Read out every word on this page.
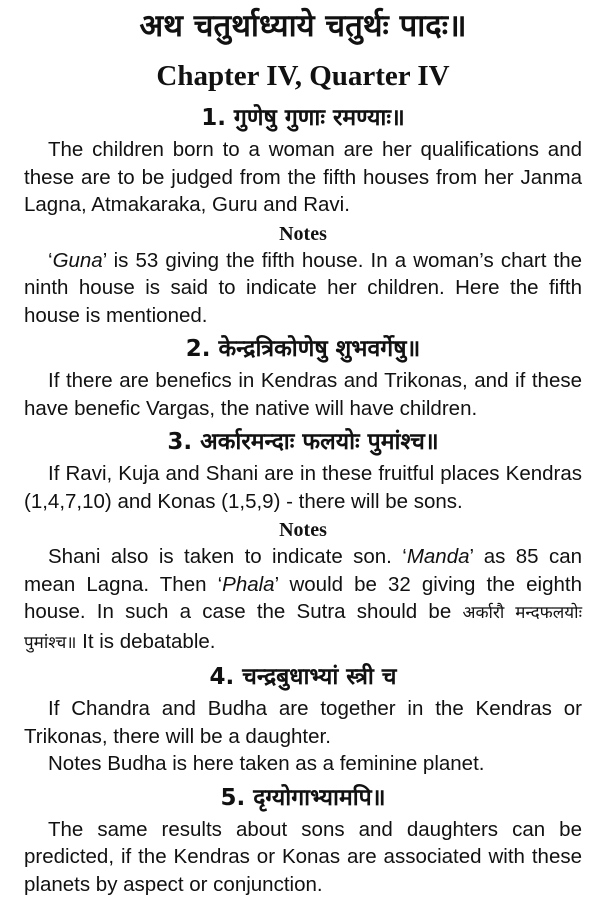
अथ चतुर्थाध्याये चतुर्थः पादः॥
Chapter IV, Quarter IV
1. गुणेषु गुणाः रमण्याः॥

The children born to a woman are her qualifications and these are to be judged from the fifth houses from her Janma Lagna, Atmakaraka, Guru and Ravi.

Notes

‘Guna’ is 53 giving the fifth house. In a woman’s chart the ninth house is said to indicate her children. Here the fifth house is mentioned.

2. केन्द्रत्रिकोणेषु शुभवर्गेषु॥

If there are benefics in Kendras and Trikonas, and if these have benefic Vargas, the native will have children.

3. अर्कारमन्दाः फलयोः पुमांश्च॥

If Ravi, Kuja and Shani are in these fruitful places Kendras (1,4,7,10) and Konas (1,5,9) - there will be sons.

Notes

Shani also is taken to indicate son. ‘Manda’ as 85 can mean Lagna. Then ‘Phala’ would be 32 giving the eighth house. In such a case the Sutra should be अर्कारौ मन्दफलयोः पुमांश्च॥ It is debatable.

4. चन्द्रबुधाभ्यां स्त्री च

If Chandra and Budha are together in the Kendras or Trikonas, there will be a daughter.

Notes Budha is here taken as a feminine planet.

5. दृग्योगाभ्यामपि॥

The same results about sons and daughters can be predicted, if the Kendras or Konas are associated with these planets by aspect or conjunction.
